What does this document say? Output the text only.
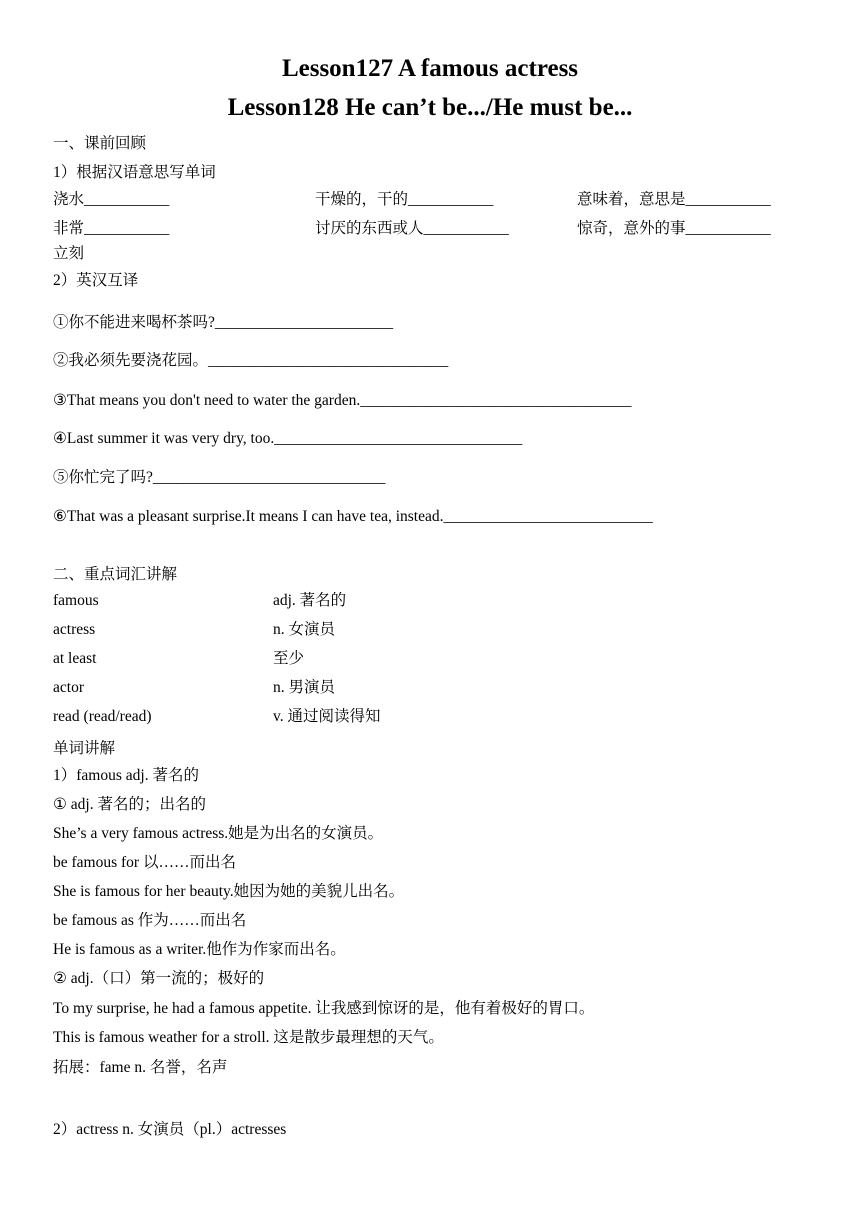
Lesson127 A famous actress
Lesson128 He can’t be.../He must be...
一、课前回顾
1）根据汉语意思写单词
浇水___________	干燥的，干的___________	意味着，意思是___________
非常___________	讨厌的东西或人___________	惊奇，意外的事___________
立刻
2）英汉互译
①你不能进来喝杯茶吗?_______________________
②我必须先要浇花园。_______________________________
③That means you don't need to water the garden.___________________________________
④Last summer it was very dry, too.________________________________
⑤你忙完了吗?______________________________
⑥That was a pleasant surprise.It means I can have tea, instead.___________________________
二、重点词汇讲解
famous	adj. 著名的
actress	n. 女演员
at least	至少
actor	n. 男演员
read (read/read)	v. 通过阅读得知
单词讲解
1）famous adj. 著名的
① adj. 著名的；出名的
She’s a very famous actress.她是为出名的女演员。
be famous for 以……而出名
She is famous for her beauty.她因为她的美貌儿出名。
be famous as 作为……而出名
He is famous as a writer.他作为作家而出名。
② adj.（口）第一流的；极好的
To my surprise, he had a famous appetite. 让我感到惊讶的是，他有着极好的胃口。
This is famous weather for a stroll. 这是散步最理想的天气。
拓展：fame n. 名誉，名声
2）actress n. 女演员（pl.）actresses
